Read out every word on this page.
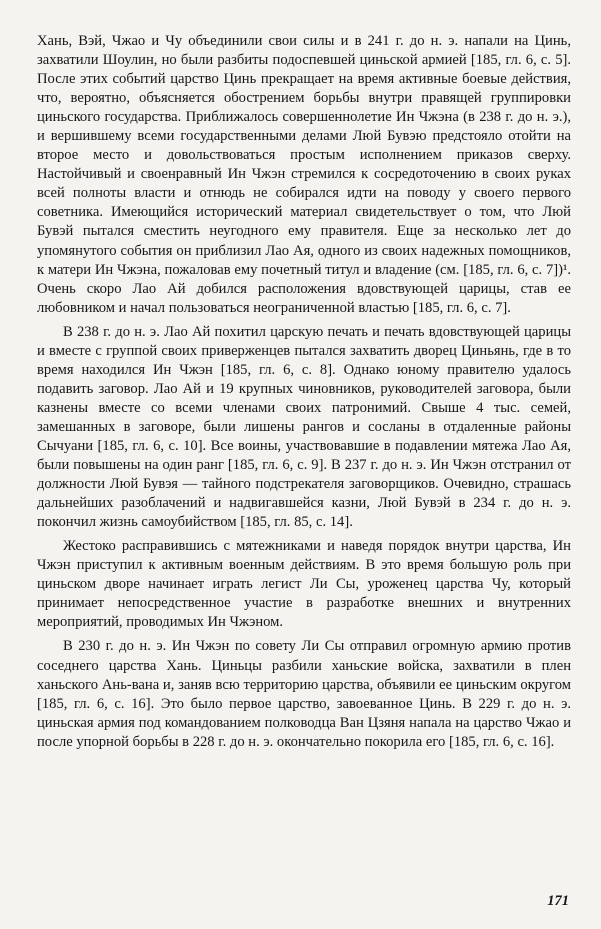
Хань, Вэй, Чжао и Чу объединили свои силы и в 241 г. до н. э. напали на Цинь, захватили Шоулин, но были разбиты подоспевшей циньской армией [185, гл. 6, с. 5]. После этих событий царство Цинь прекращает на время активные боевые действия, что, вероятно, объясняется обострением борьбы внутри правящей группировки циньского государства. Приближалось совершеннолетие Ин Чжэна (в 238 г. до н. э.), и вершившему всеми государственными делами Люй Бувэю предстояло отойти на второе место и довольствоваться простым исполнением приказов сверху. Настойчивый и своенравный Ин Чжэн стремился к сосредоточению в своих руках всей полноты власти и отнюдь не собирался идти на поводу у своего первого советника. Имеющийся исторический материал свидетельствует о том, что Люй Бувэй пытался сместить неугодного ему правителя. Еще за несколько лет до упомянутого события он приблизил Лао Ая, одного из своих надежных помощников, к матери Ин Чжэна, пожаловав ему почетный титул и владение (см. [185, гл. 6, с. 7])¹. Очень скоро Лао Ай добился расположения вдовствующей царицы, став ее любовником и начал пользоваться неограниченной властью [185, гл. 6, с. 7].

В 238 г. до н. э. Лао Ай похитил царскую печать и печать вдовствующей царицы и вместе с группой своих приверженцев пытался захватить дворец Циньянь, где в то время находился Ин Чжэн [185, гл. 6, с. 8]. Однако юному правителю удалось подавить заговор. Лао Ай и 19 крупных чиновников, руководителей заговора, были казнены вместе со всеми членами своих патронимий. Свыше 4 тыс. семей, замешанных в заговоре, были лишены рангов и сосланы в отдаленные районы Сычуани [185, гл. 6, с. 10]. Все воины, участвовавшие в подавлении мятежа Лао Ая, были повышены на один ранг [185, гл. 6, с. 9]. В 237 г. до н. э. Ин Чжэн отстранил от должности Люй Бувэя — тайного подстрекателя заговорщиков. Очевидно, страшась дальнейших разоблачений и надвигавшейся казни, Люй Бувэй в 234 г. до н. э. покончил жизнь самоубийством [185, гл. 85, с. 14].

Жестоко расправившись с мятежниками и наведя порядок внутри царства, Ин Чжэн приступил к активным военным действиям. В это время большую роль при циньском дворе начинает играть легист Ли Сы, уроженец царства Чу, который принимает непосредственное участие в разработке внешних и внутренних мероприятий, проводимых Ин Чжэном.

В 230 г. до н. э. Ин Чжэн по совету Ли Сы отправил огромную армию против соседнего царства Хань. Циньцы разбили ханьские войска, захватили в плен ханьского Ань-вана и, заняв всю территорию царства, объявили ее циньским округом [185, гл. 6, с. 16]. Это было первое царство, завоеванное Цинь. В 229 г. до н. э. циньская армия под командованием полководца Ван Цзяня напала на царство Чжао и после упорной борьбы в 228 г. до н. э. окончательно покорила его [185, гл. 6, с. 16].

171
